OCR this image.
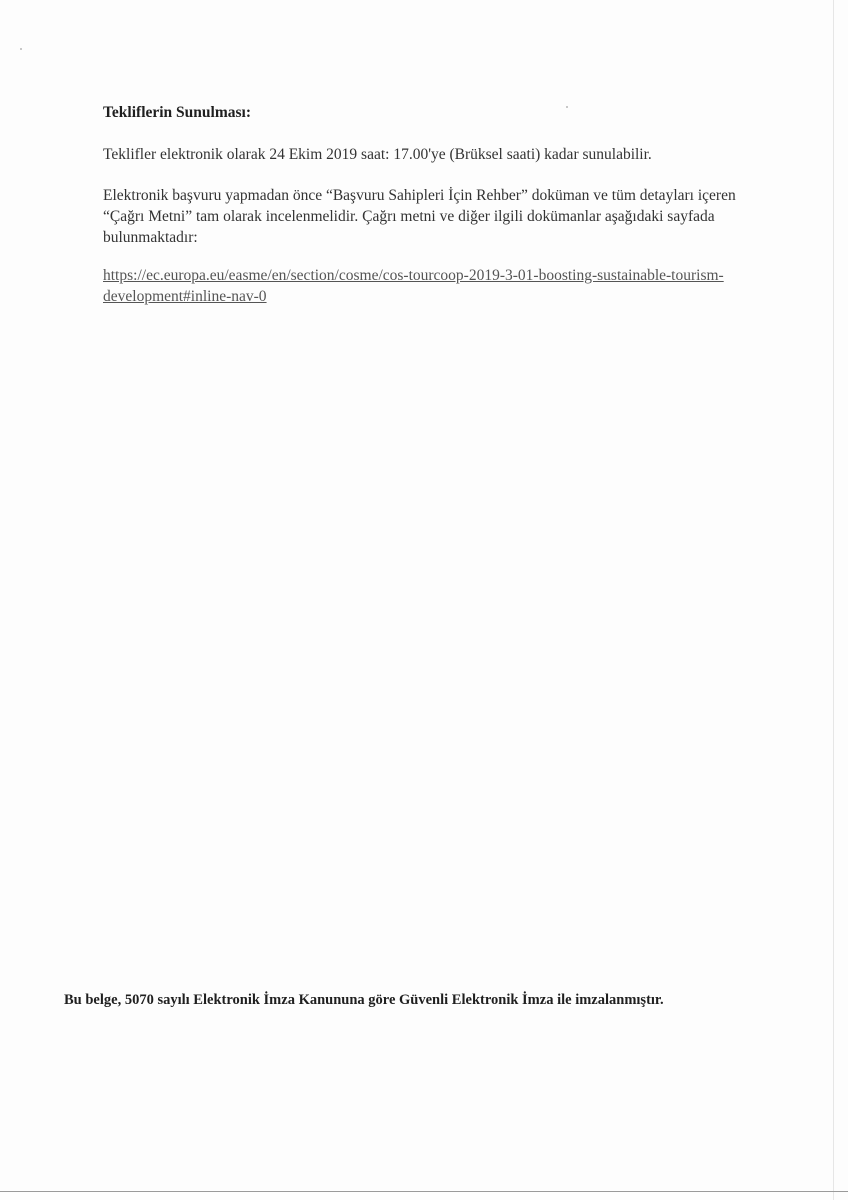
Tekliflerin Sunulması:

Teklifler elektronik olarak 24 Ekim 2019 saat: 17.00'ye (Brüksel saati) kadar sunulabilir.

Elektronik başvuru yapmadan önce “Başvuru Sahipleri İçin Rehber” doküman ve tüm detayları içeren

“Çağrı Metni” tam olarak incelenmelidir. Çağrı metni ve diğer ilgili dokümanlar aşağıdaki sayfada

bulunmaktadır:

https://ec.europa.eu/easme/en/section/cosme/cos-tourcoop-2019-3-01-boosting-sustainable-tourism-
development#inline-nav-0

Bu belge, 5070 sayılı Elektronik İmza Kanununa göre Güvenli Elektronik İmza ile imzalanmıştır.
